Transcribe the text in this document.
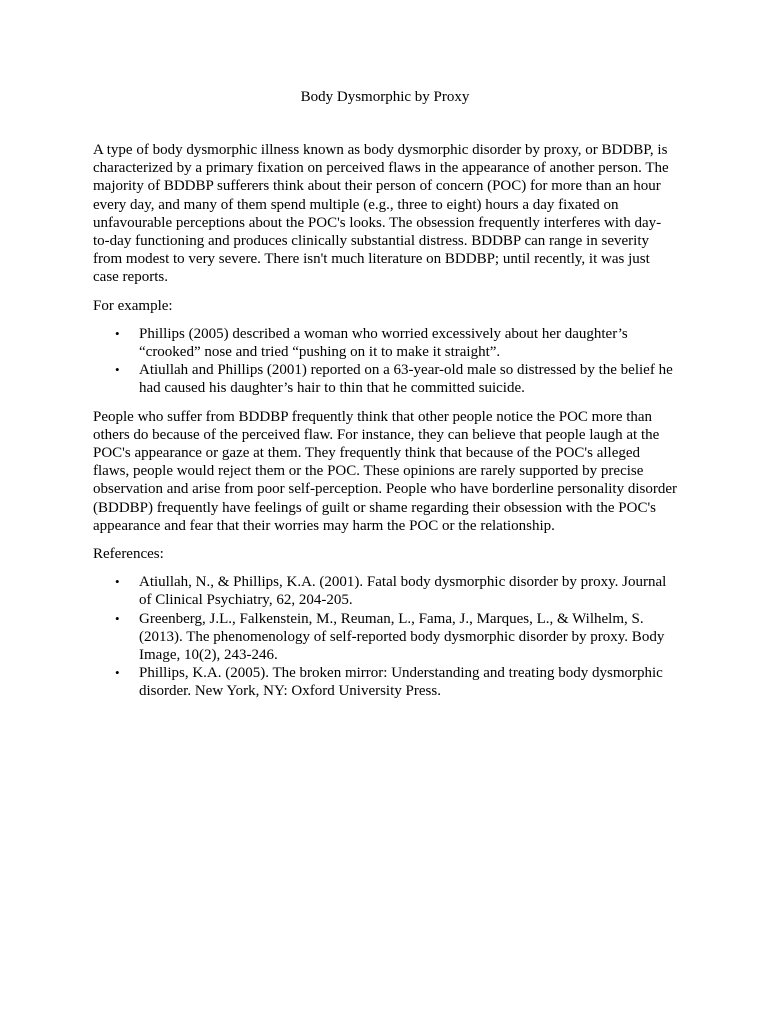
Body Dysmorphic by Proxy

A type of body dysmorphic illness known as body dysmorphic disorder by proxy, or BDDBP, is characterized by a primary fixation on perceived flaws in the appearance of another person. The majority of BDDBP sufferers think about their person of concern (POC) for more than an hour every day, and many of them spend multiple (e.g., three to eight) hours a day fixated on unfavourable perceptions about the POC's looks. The obsession frequently interferes with day-to-day functioning and produces clinically substantial distress. BDDBP can range in severity from modest to very severe. There isn't much literature on BDDBP; until recently, it was just case reports.

For example:

• Phillips (2005) described a woman who worried excessively about her daughter’s “crooked” nose and tried “pushing on it to make it straight”.
• Atiullah and Phillips (2001) reported on a 63-year-old male so distressed by the belief he had caused his daughter’s hair to thin that he committed suicide.

People who suffer from BDDBP frequently think that other people notice the POC more than others do because of the perceived flaw. For instance, they can believe that people laugh at the POC's appearance or gaze at them. They frequently think that because of the POC's alleged flaws, people would reject them or the POC. These opinions are rarely supported by precise observation and arise from poor self-perception. People who have borderline personality disorder (BDDBP) frequently have feelings of guilt or shame regarding their obsession with the POC's appearance and fear that their worries may harm the POC or the relationship.

References:

• Atiullah, N., & Phillips, K.A. (2001). Fatal body dysmorphic disorder by proxy. Journal of Clinical Psychiatry, 62, 204-205.
• Greenberg, J.L., Falkenstein, M., Reuman, L., Fama, J., Marques, L., & Wilhelm, S. (2013). The phenomenology of self-reported body dysmorphic disorder by proxy. Body Image, 10(2), 243-246.
• Phillips, K.A. (2005). The broken mirror: Understanding and treating body dysmorphic disorder. New York, NY: Oxford University Press.
